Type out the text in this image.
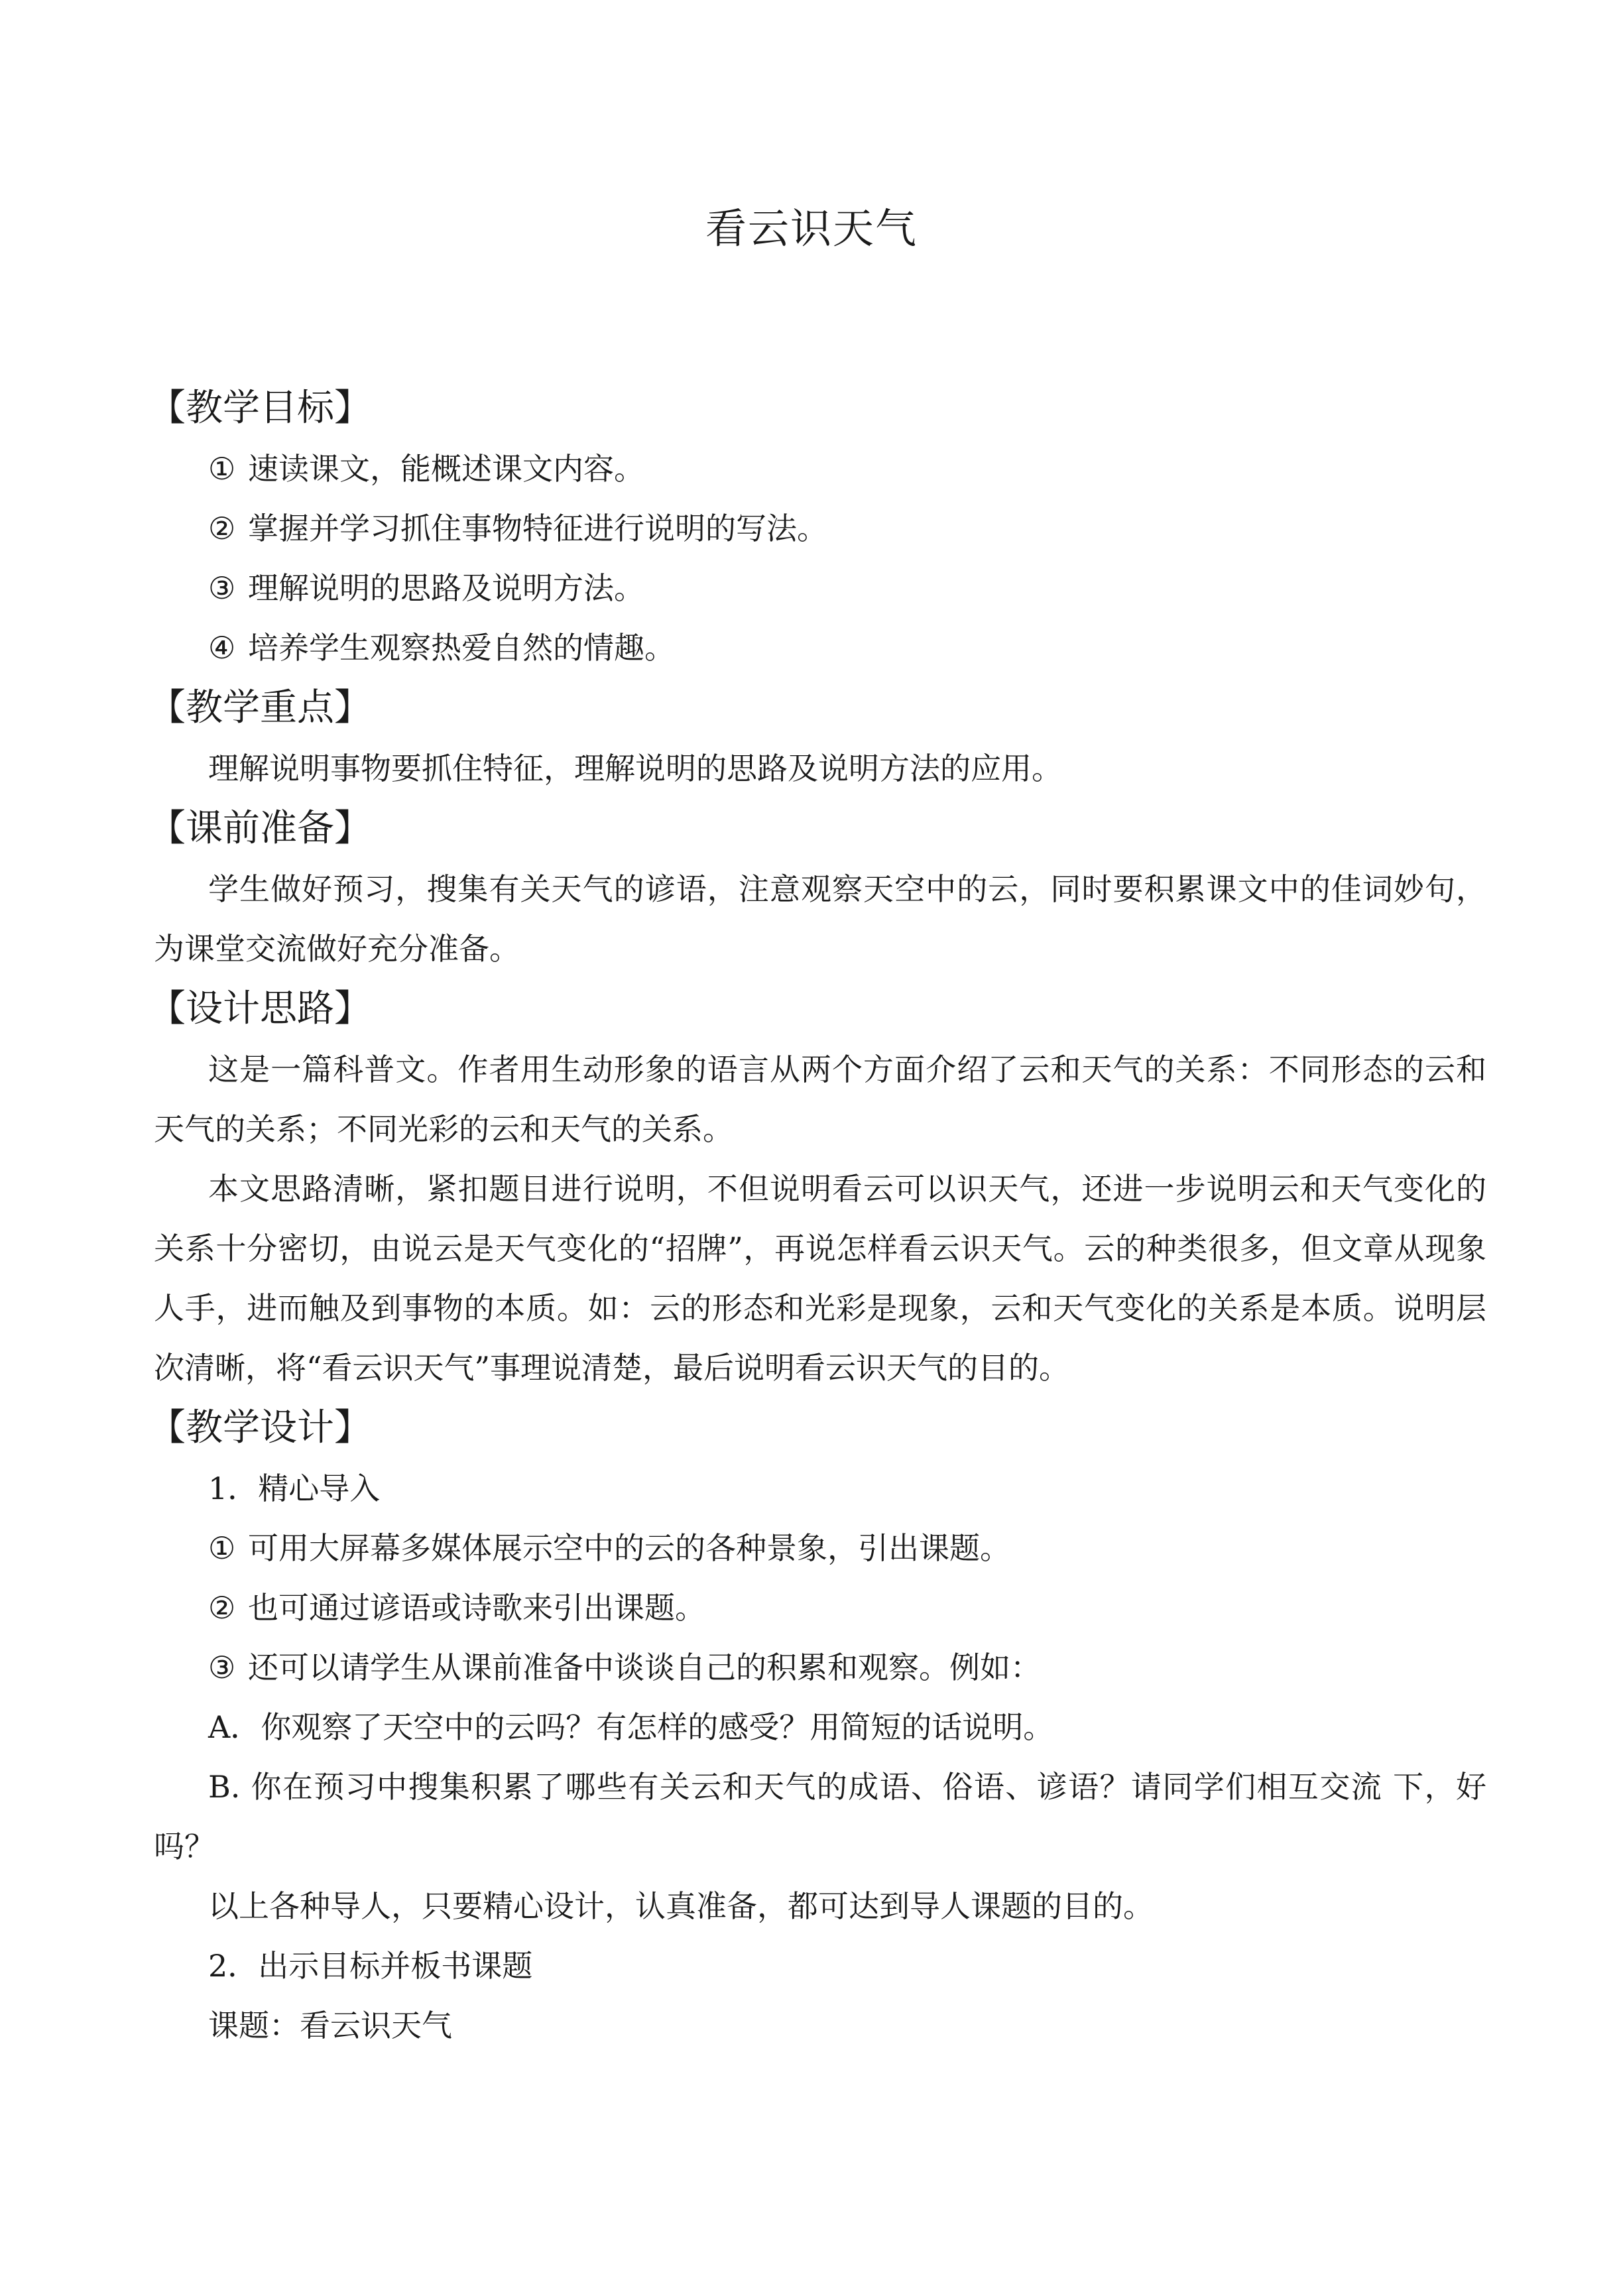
看云识天气
【教学目标】
① 速读课文，能概述课文内容。
② 掌握并学习抓住事物特征进行说明的写法。
③ 理解说明的思路及说明方法。
④ 培养学生观察热爱自然的情趣。
【教学重点】
理解说明事物要抓住特征，理解说明的思路及说明方法的应用。
【课前准备】
学生做好预习，搜集有关天气的谚语，注意观察天空中的云，同时要积累课文中的佳词妙句，为课堂交流做好充分准备。
【设计思路】
这是一篇科普文。作者用生动形象的语言从两个方面介绍了云和天气的关系：不同形态的云和天气的关系；不同光彩的云和天气的关系。
本文思路清晰，紧扣题目进行说明，不但说明看云可以识天气，还进一步说明云和天气变化的关系十分密切，由说云是天气变化的“招牌”，再说怎样看云识天气。云的种类很多，但文章从现象人手，进而触及到事物的本质。如：云的形态和光彩是现象，云和天气变化的关系是本质。说明层次清晰，将“看云识天气”事理说清楚，最后说明看云识天气的目的。
【教学设计】
1．精心导入
① 可用大屏幕多媒体展示空中的云的各种景象，引出课题。
② 也可通过谚语或诗歌来引出课题。
③ 还可以请学生从课前准备中谈谈自己的积累和观察。例如：
A．你观察了天空中的云吗？有怎样的感受？用简短的话说明。
B. 你在预习中搜集积累了哪些有关云和天气的成语、俗语、谚语？请同学们相互交流 下，好吗？
以上各种导人，只要精心设计，认真准备，都可达到导人课题的目的。
2．出示目标并板书课题
课题：看云识天气
